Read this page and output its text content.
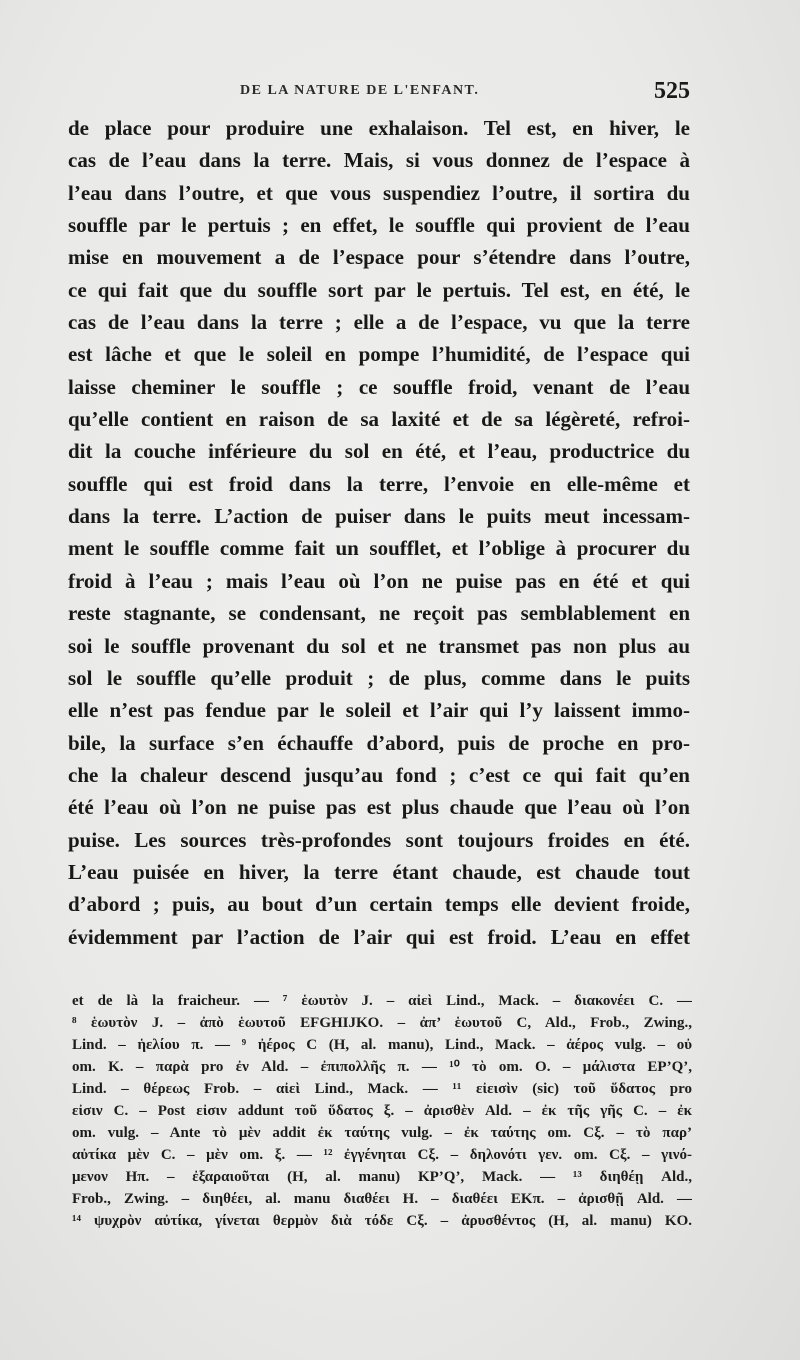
DE LA NATURE DE L'ENFANT.	525
de place pour produire une exhalaison. Tel est, en hiver, le
cas de l’eau dans la terre. Mais, si vous donnez de l’espace à
l’eau dans l’outre, et que vous suspendiez l’outre, il sortira du
souffle par le pertuis ; en effet, le souffle qui provient de l’eau
mise en mouvement a de l’espace pour s’étendre dans l’outre,
ce qui fait que du souffle sort par le pertuis. Tel est, en été, le
cas de l’eau dans la terre ; elle a de l’espace, vu que la terre
est lâche et que le soleil en pompe l’humidité, de l’espace qui
laisse cheminer le souffle ; ce souffle froid, venant de l’eau
qu’elle contient en raison de sa laxité et de sa légèreté, refroi-
dit la couche inférieure du sol en été, et l’eau, productrice du
souffle qui est froid dans la terre, l’envoie en elle-même et
dans la terre. L’action de puiser dans le puits meut incessam-
ment le souffle comme fait un soufflet, et l’oblige à procurer du
froid à l’eau ; mais l’eau où l’on ne puise pas en été et qui
reste stagnante, se condensant, ne reçoit pas semblablement en
soi le souffle provenant du sol et ne transmet pas non plus au
sol le souffle qu’elle produit ; de plus, comme dans le puits
elle n’est pas fendue par le soleil et l’air qui l’y laissent immo-
bile, la surface s’en échauffe d’abord, puis de proche en pro-
che la chaleur descend jusqu’au fond ; c’est ce qui fait qu’en
été l’eau où l’on ne puise pas est plus chaude que l’eau où l’on
puise. Les sources très-profondes sont toujours froides en été.
L’eau puisée en hiver, la terre étant chaude, est chaude tout
d’abord ; puis, au bout d’un certain temps elle devient froide,
évidemment par l’action de l’air qui est froid. L’eau en effet
et de là la fraicheur. — ⁷ ἑωυτὸν J. – αἰεὶ Lind., Mack. – διακονέει C. —
⁸ ἑωυτὸν J. – ἀπὸ ἑωυτοῦ EFGHIJKO. – ἀπ’ ἑωυτοῦ C, Ald., Frob., Zwing.,
Lind. – ἡελίου π. — ⁹ ἠέρος C (H, al. manu), Lind., Mack. – ἀέρος vulg. – οὐ
om. K. – παρὰ pro ἐν Ald. – ἐπιπολλῆς π. — ¹⁰ τὸ om. O. – μάλιστα EP’Q’,
Lind. – θέρεως Frob. – αἰεὶ Lind., Mack. — ¹¹ εἰεισὶν (sic) τοῦ ὕδατος pro
εἰσιν C. – Post εἰσιν addunt τοῦ ὕδατος ξ. – ἀρισθὲν Ald. – ἐκ τῆς γῆς C. – ἐκ
om. vulg. – Ante τὸ μὲν addit ἐκ ταύτης vulg. – ἐκ ταύτης om. Cξ. – τὸ παρ’
αὐτίκα μὲν C. – μὲν om. ξ. — ¹² ἐγγένηται Cξ. – δηλονότι γεν. om. Cξ. – γινό-
μενον Hπ. – ἐξαραιοῦται (H, al. manu) KP’Q’, Mack. — ¹³ διηθέῃ Ald.,
Frob., Zwing. – διηθέει, al. manu διαθέει H. – διαθέει EKπ. – ἀρισθῇ Ald. —
¹⁴ ψυχρὸν αὐτίκα, γίνεται θερμὸν διὰ τόδε Cξ. – ἀρυσθέντος (H, al. manu) KO.
